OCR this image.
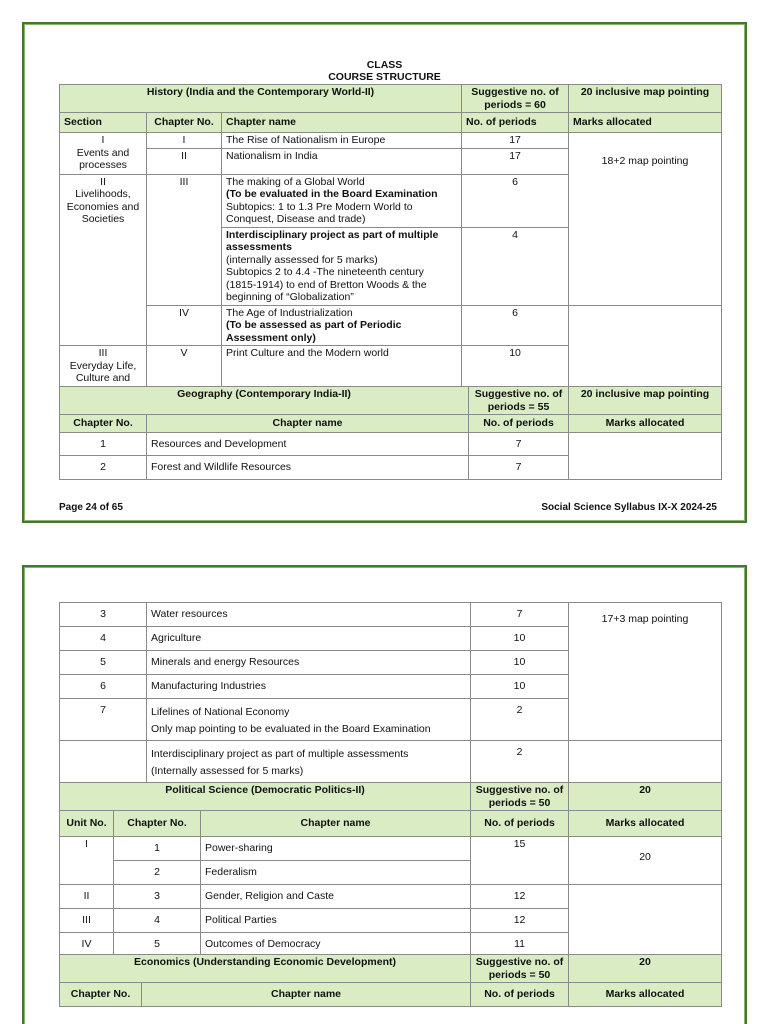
CLASS
COURSE STRUCTURE
History (India and the Contemporary World-II)			Suggestive no. of periods = 60	20 inclusive map pointing
Section	Chapter No.	Chapter name	No. of periods	Marks allocated

I
Events and processes	I	The Rise of Nationalism in Europe	17	18+2 map pointing
	II	Nationalism in India	17	

II
Livelihoods, Economies and Societies	III	The making of a Global World
(To be evaluated in the Board Examination
Subtopics: 1 to 1.3 Pre Modern World to Conquest, Disease and trade)	6	

		Interdisciplinary project as part of multiple assessments
(internally assessed for 5 marks)
Subtopics 2 to 4.4 -The nineteenth century (1815-1914) to end of Bretton Woods & the beginning of “Globalization”	4	
	IV	The Age of Industrialization
(To be assessed as part of Periodic Assessment only)	6	

III
Everyday Life, Culture and politics	V	Print Culture and the Modern world	10	
Geography (Contemporary India-II)		Suggestive no. of periods = 55	20 inclusive map pointing
Chapter No.	Chapter name	No. of periods	Marks allocated
1	Resources and Development	7	
2	Forest and Wildlife Resources	7	
Page 24 of 65	Social Science Syllabus IX-X 2024-25
3	Water resources	7	17+3 map pointing
4	Agriculture	10	
5	Minerals and energy Resources	10	
6	Manufacturing Industries	10	
7	Lifelines of National Economy
Only map pointing to be evaluated in the Board Examination	2	

	Interdisciplinary project as part of multiple assessments
(Internally assessed for 5 marks)	2	
Political Science (Democratic Politics-II)			Suggestive no. of periods = 50	20
Unit No.	Chapter No.	Chapter name	No. of periods	Marks allocated
I	1	Power-sharing	15	20
	2	Federalism		
II	3	Gender, Religion and Caste	12	
III	4	Political Parties	12	
IV	5	Outcomes of Democracy	11	
Economics (Understanding Economic Development)		Suggestive no. of periods = 50	20
Chapter No.	Chapter name	No. of periods	Marks allocated
